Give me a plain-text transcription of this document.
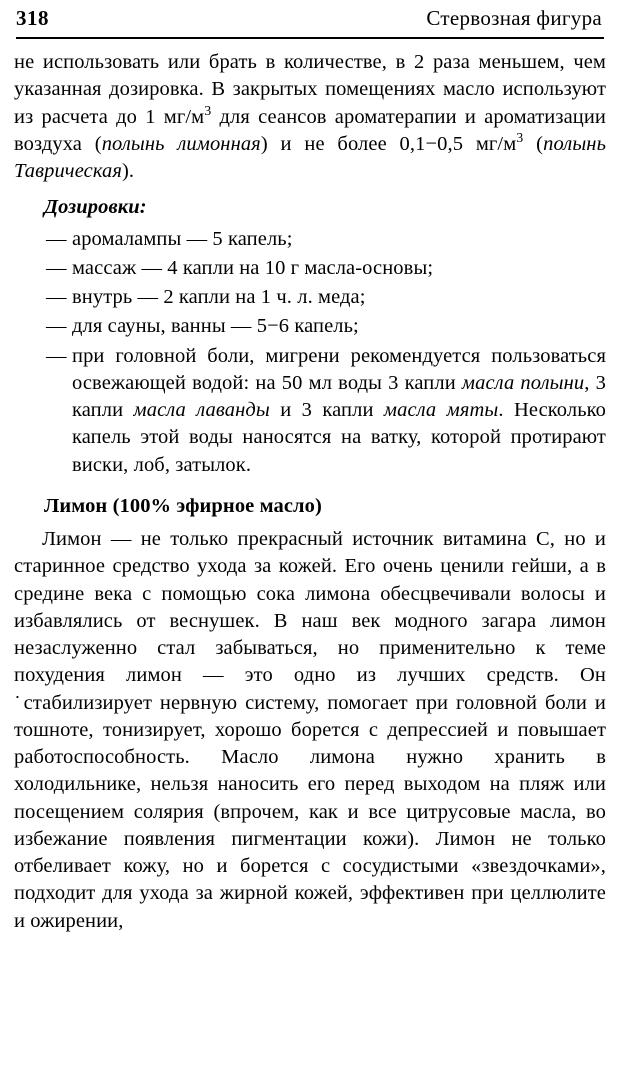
318	Стервозная фигура

не использовать или брать в количестве, в 2 раза меньшем, чем указанная дозировка. В закрытых помещениях масло используют из расчета до 1 $мг/м^3$ для сеансов ароматерапии и ароматизации воздуха (полынь лимонная) и не более 0,1−0,5 $мг/м^3$ (полынь Таврическая).

Дозировки:

— аромалампы — 5 капель;
— массаж — 4 капли на 10 г масла-основы;
— внутрь — 2 капли на 1 ч. л. меда;
— для сауны, ванны — 5−6 капель;
— при головной боли, мигрени рекомендуется пользоваться освежающей водой: на 50 мл воды 3 капли масла полыни, 3 капли масла лаванды и 3 капли масла мяты. Несколько капель этой воды наносятся на ватку, которой протирают виски, лоб, затылок.

Лимон (100% эфирное масло)

Лимон — не только прекрасный источник витамина С, но и старинное средство ухода за кожей. Его очень ценили гейши, а в средине века с помощью сока лимона обесцвечивали волосы и избавлялись от веснушек. В наш век модного загара лимон незаслуженно стал забываться, но применительно к теме похудения лимон — это одно из лучших средств. Он ˙стабилизирует нервную систему, помогает при головной боли и тошноте, тонизирует, хорошо борется с депрессией и повышает работоспособность. Масло лимона нужно хранить в холодильнике, нельзя наносить его перед выходом на пляж или посещением солярия (впрочем, как и все цитрусовые масла, во избежание появления пигментации кожи). Лимон не только отбеливает кожу, но и борется с сосудистыми «звездочками», подходит для ухода за жирной кожей, эффективен при целлюлите и ожирении,
